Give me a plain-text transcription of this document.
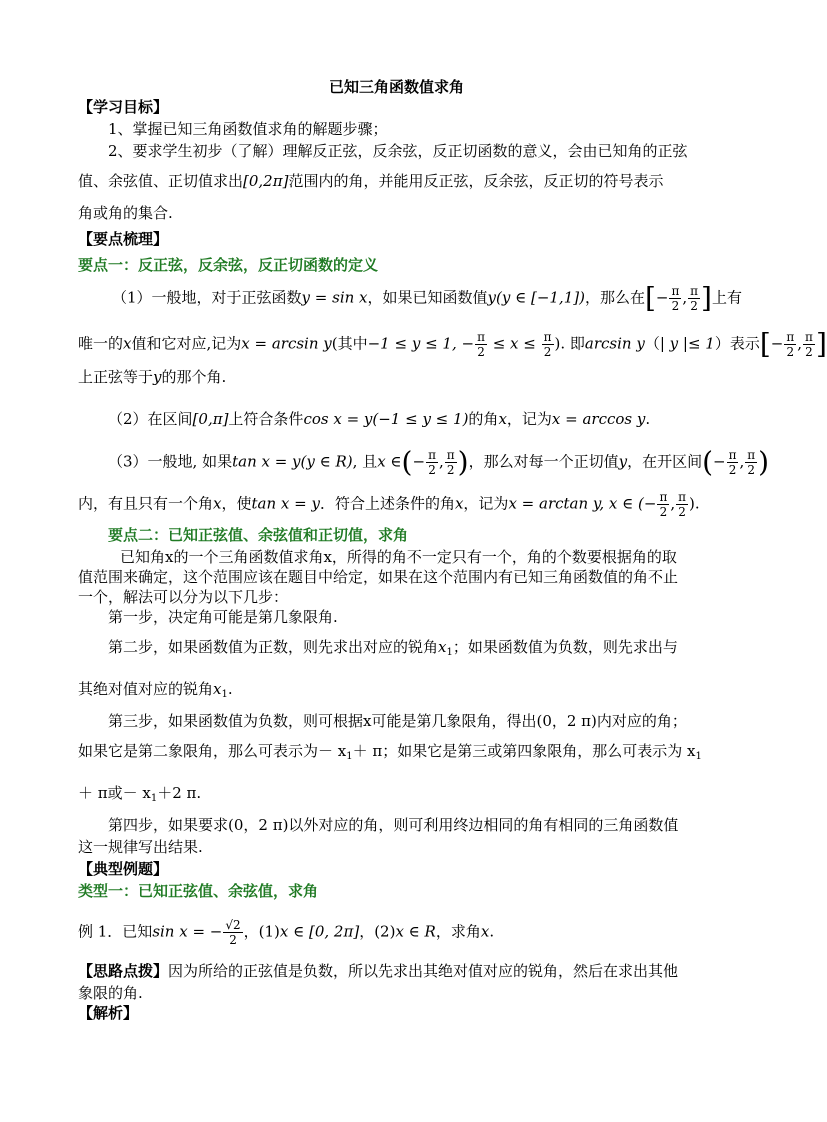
已知三角函数值求角
【学习目标】
1、掌握已知三角函数值求角的解题步骤；
2、要求学生初步（了解）理解反正弦，反余弦，反正切函数的意义，会由已知角的正弦
值、余弦值、正切值求出[0,2π]范围内的角，并能用反正弦，反余弦，反正切的符号表示
角或角的集合.
【要点梳理】
要点一：反正弦，反余弦，反正切函数的定义
（1）一般地，对于正弦函数y = sin x，如果已知函数值y(y ∈ [−1,1])，那么在[− $\frac{\pi}{2}$ , $\frac{\pi}{2}$ ]上有
唯一的x值和它对应,记为x = arcsin y(其中−1 ≤ y ≤ 1, − $\frac{\pi}{2} \le x \le \frac{\pi}{2}$ ). 即arcsin y（| y |≤ 1）表示[− $\frac{\pi}{2}$ , $\frac{\pi}{2}$ ]
上正弦等于y的那个角.
（2）在区间[0,π]上符合条件cos x = y(−1 ≤ y ≤ 1)的角x，记为x = arccos y.
（3）一般地, 如果tan x = y(y ∈ R), 且x ∈(− $\frac{\pi}{2}$ , $\frac{\pi}{2}$ )，那么对每一个正切值y，在开区间(− $\frac{\pi}{2}$ , $\frac{\pi}{2}$ )
内，有且只有一个角x，使tan x = y．符合上述条件的角x，记为x = arctan y, x ∈ (− $\frac{\pi}{2}$ , $\frac{\pi}{2}$ ).
要点二：已知正弦值、余弦值和正切值，求角
已知角x的一个三角函数值求角x，所得的角不一定只有一个，角的个数要根据角的取
值范围来确定，这个范围应该在题目中给定，如果在这个范围内有已知三角函数值的角不止
一个，解法可以分为以下几步：
第一步，决定角可能是第几象限角.
第二步，如果函数值为正数，则先求出对应的锐角$x_1$；如果函数值为负数，则先求出与
其绝对值对应的锐角$x_1$.
第三步，如果函数值为负数，则可根据x可能是第几象限角，得出(0，2 π)内对应的角；
如果它是第二象限角，那么可表示为－ $x_1+ \pi$；如果它是第三或第四象限角，那么可表示为 $x_1$
＋ π或－ $x_1+2$ π.
第四步，如果要求(0，2 π)以外对应的角，则可利用终边相同的角有相同的三角函数值
这一规律写出结果.
【典型例题】
类型一：已知正弦值、余弦值，求角
例 1．已知sin x = − $\frac{√2}{2}$ ，(1)x ∈ [0, 2π]，(2)x ∈ R，求角x.
【思路点拨】因为所给的正弦值是负数，所以先求出其绝对值对应的锐角，然后在求出其他
象限的角.
【解析】
